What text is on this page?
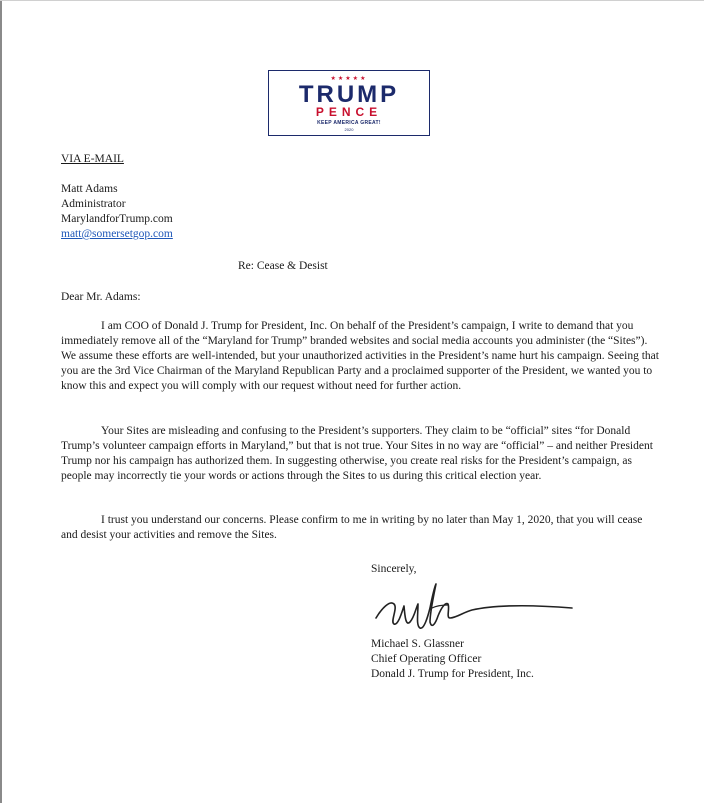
★★★★★
TRUMP
PENCE
KEEP AMERICA GREAT!
2020
VIA E-MAIL
Matt Adams
Administrator
MarylandforTrump.com
matt@somersetgop.com
Re: Cease & Desist
Dear Mr. Adams:
I am COO of Donald J. Trump for President, Inc. On behalf of the President’s campaign, I write to demand that you immediately remove all of the “Maryland for Trump” branded websites and social media accounts you administer (the “Sites”). We assume these efforts are well-intended, but your unauthorized activities in the President’s name hurt his campaign. Seeing that you are the 3rd Vice Chairman of the Maryland Republican Party and a proclaimed supporter of the President, we wanted you to know this and expect you will comply with our request without need for further action.
Your Sites are misleading and confusing to the President’s supporters. They claim to be “official” sites “for Donald Trump’s volunteer campaign efforts in Maryland,” but that is not true. Your Sites in no way are “official” – and neither President Trump nor his campaign has authorized them. In suggesting otherwise, you create real risks for the President’s campaign, as people may incorrectly tie your words or actions through the Sites to us during this critical election year.
I trust you understand our concerns. Please confirm to me in writing by no later than May 1, 2020, that you will cease and desist your activities and remove the Sites.
Sincerely,
Michael S. Glassner
Chief Operating Officer
Donald J. Trump for President, Inc.
